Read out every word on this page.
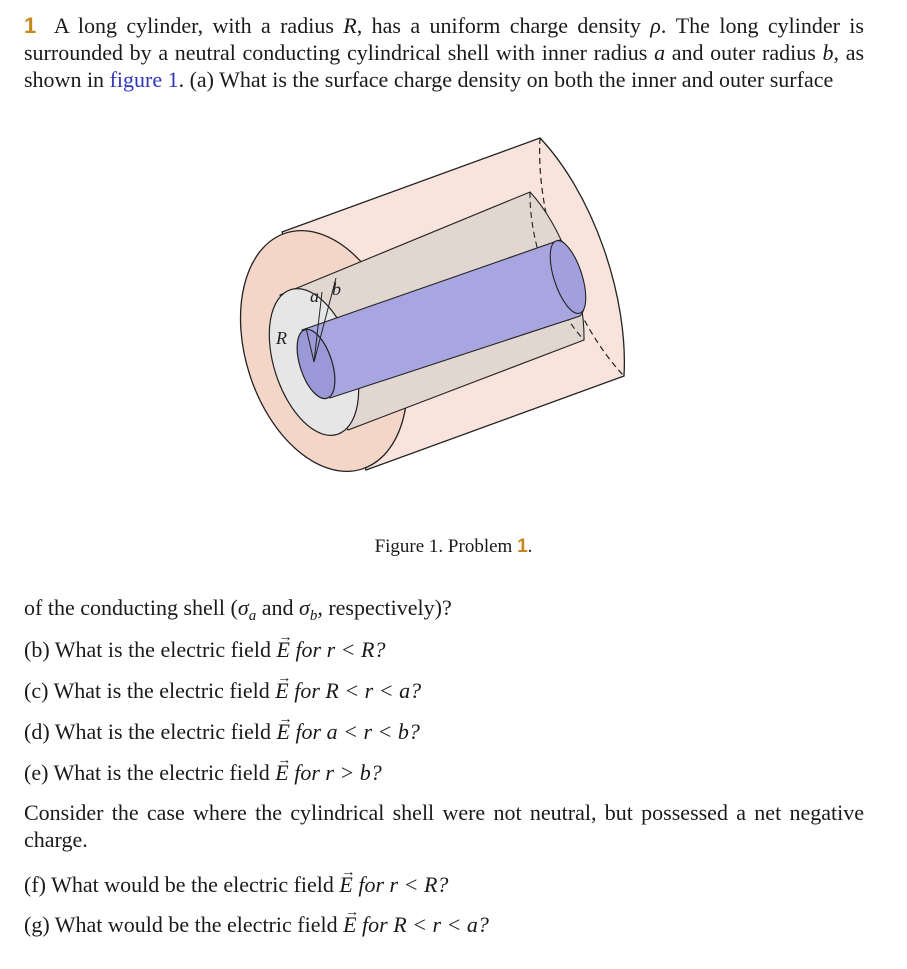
1 A long cylinder, with a radius R, has a uniform charge density ρ. The long cylinder is surrounded by a neutral conducting cylindrical shell with inner radius a and outer radius b, as shown in figure 1. (a) What is the surface charge density on both the inner and outer surface
a b
R
Figure 1. Problem 1.
of the conducting shell ($\sigma_a$ and $\sigma_b$, respectively)?
(b) What is the electric field → E for r < R?
(c) What is the electric field → E for R < r < a?
(d) What is the electric field → E for a < r < b?
(e) What is the electric field → E for r > b?
Consider the case where the cylindrical shell were not neutral, but possessed a net negative charge.
(f) What would be the electric field → E for r < R?
(g) What would be the electric field → E for R < r < a?
